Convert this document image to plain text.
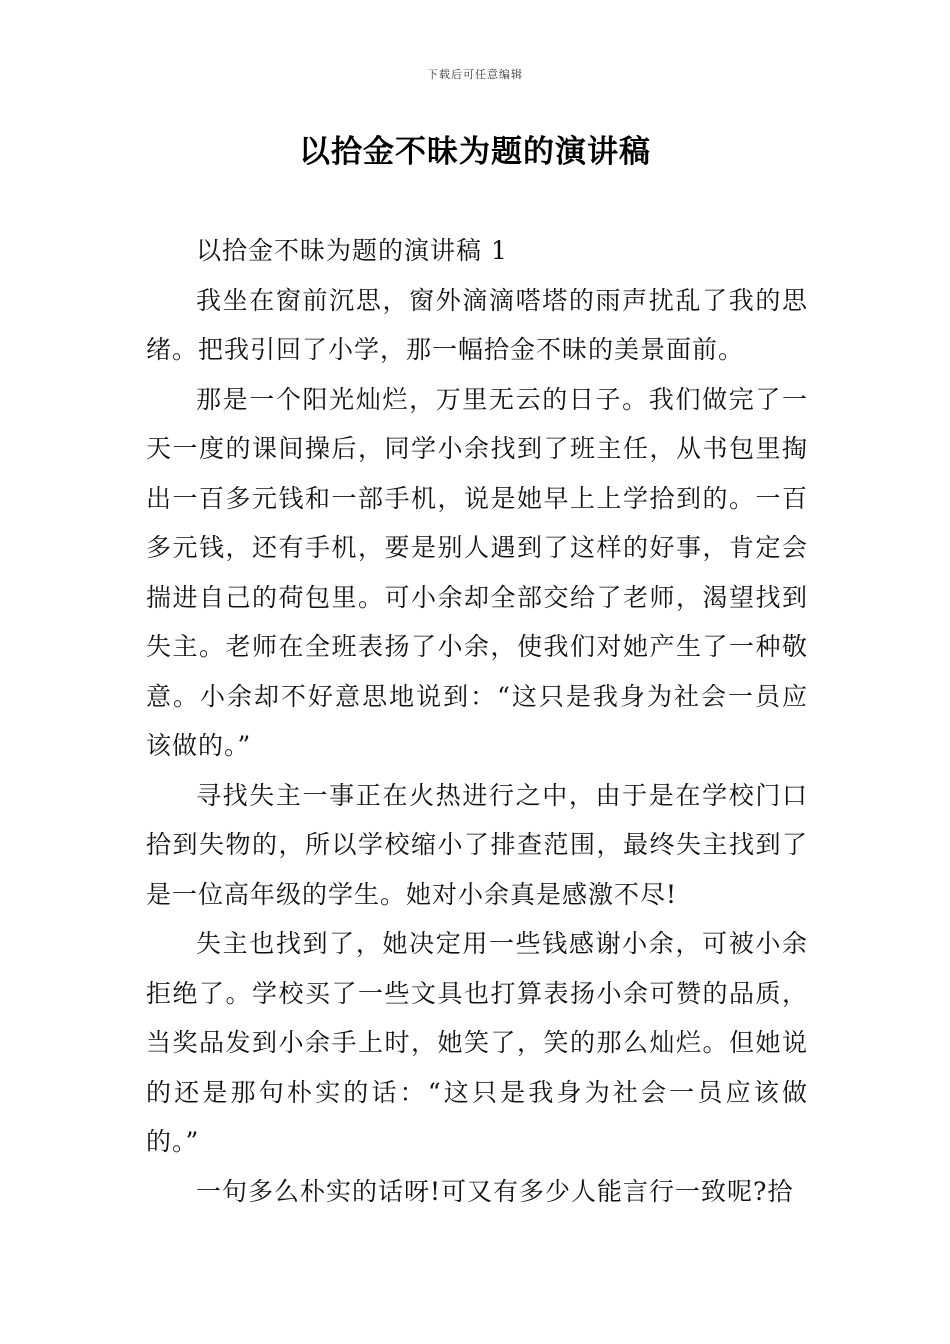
下载后可任意编辑
以拾金不昧为题的演讲稿

以拾金不昧为题的演讲稿 1

我坐在窗前沉思，窗外滴滴嗒塔的雨声扰乱了我的思绪。把我引回了小学，那一幅拾金不昧的美景面前。

那是一个阳光灿烂，万里无云的日子。我们做完了一天一度的课间操后，同学小余找到了班主任，从书包里掏出一百多元钱和一部手机，说是她早上上学拾到的。一百多元钱，还有手机，要是别人遇到了这样的好事，肯定会揣进自己的荷包里。可小余却全部交给了老师，渴望找到失主。老师在全班表扬了小余，使我们对她产生了一种敬意。小余却不好意思地说到：“这只是我身为社会一员应该做的。”

寻找失主一事正在火热进行之中，由于是在学校门口拾到失物的，所以学校缩小了排查范围，最终失主找到了是一位高年级的学生。她对小余真是感激不尽!

失主也找到了，她决定用一些钱感谢小余，可被小余拒绝了。学校买了一些文具也打算表扬小余可赞的品质，当奖品发到小余手上时，她笑了，笑的那么灿烂。但她说的还是那句朴实的话：“这只是我身为社会一员应该做的。”

一句多么朴实的话呀!可又有多少人能言行一致呢?拾
